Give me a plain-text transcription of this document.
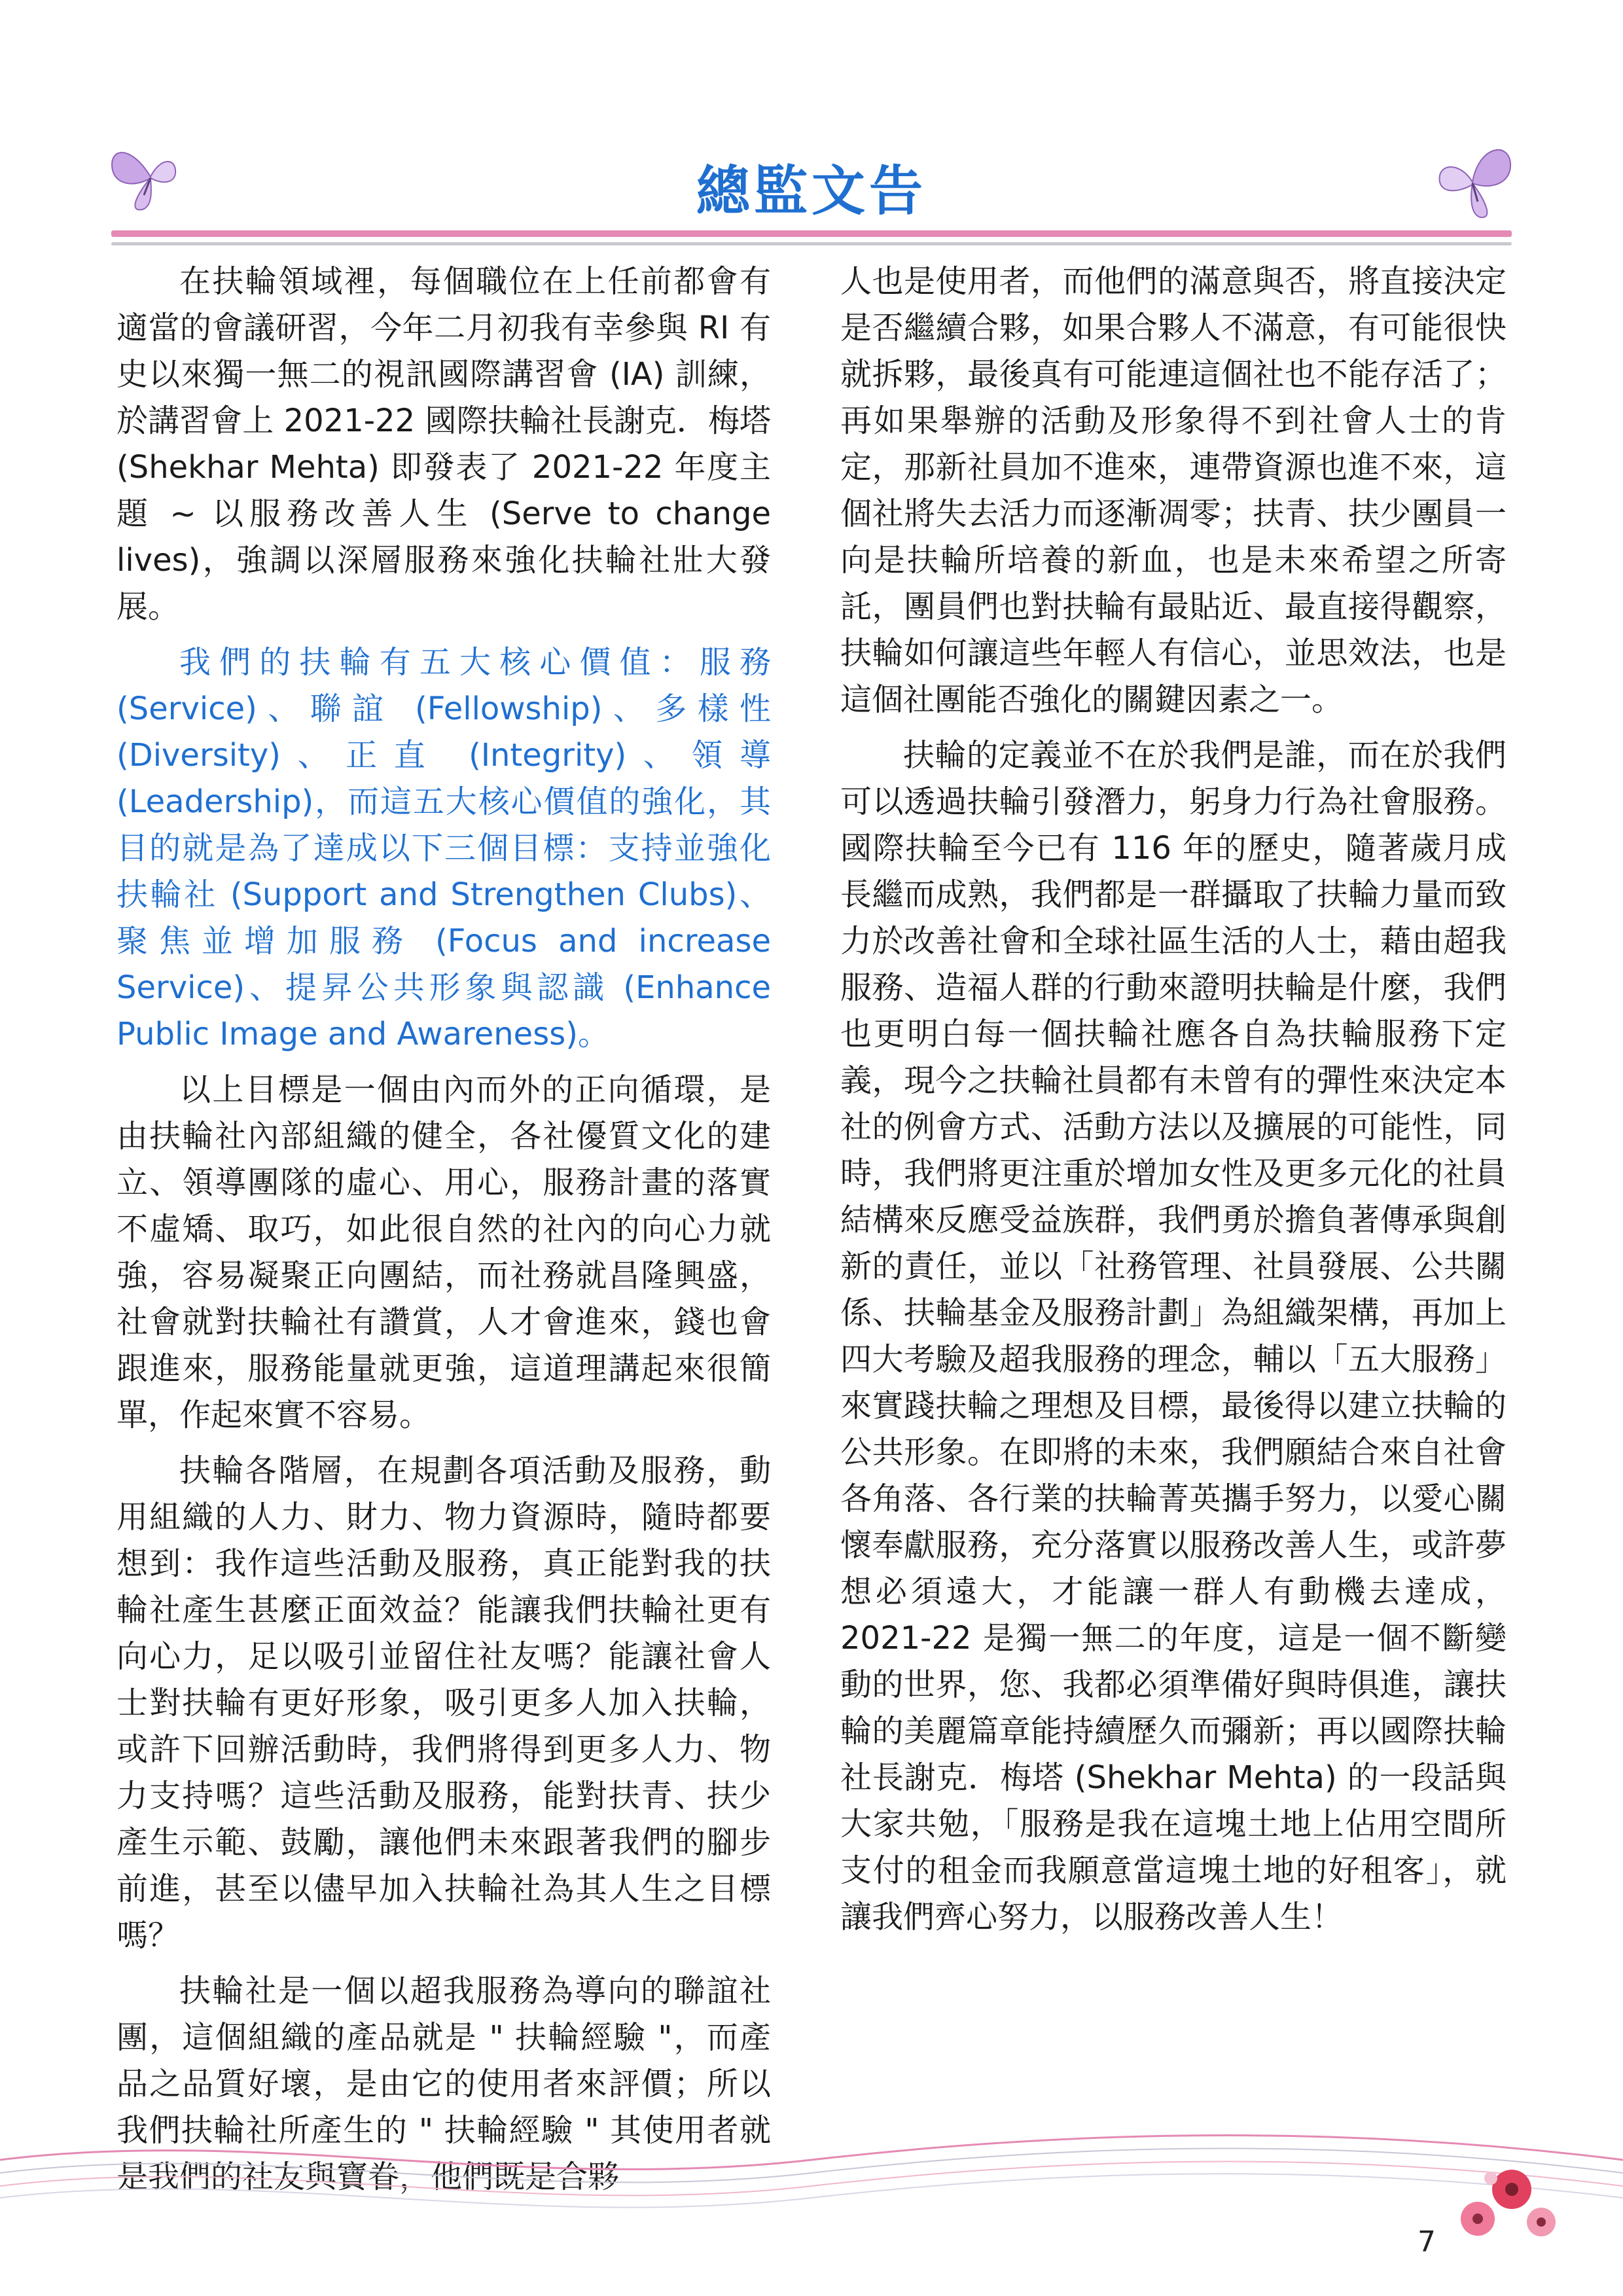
總監文告

在扶輪領域裡，每個職位在上任前都會有適當的會議研習，今年二月初我有幸參與 RI 有史以來獨一無二的視訊國際講習會 (IA) 訓練，於講習會上 2021-22 國際扶輪社長謝克．梅塔 (Shekhar Mehta) 即發表了 2021-22 年度主題 ~ 以服務改善人生 (Serve to change lives)，強調以深層服務來強化扶輪社壯大發展。

我們的扶輪有五大核心價值：服務 (Service)、聯誼 (Fellowship)、多樣性 (Diversity)、正直 (Integrity)、領導 (Leadership)，而這五大核心價值的強化，其目的就是為了達成以下三個目標：支持並強化扶輪社 (Support and Strengthen Clubs)、聚焦並增加服務 (Focus and increase Service)、提昇公共形象與認識 (Enhance Public Image and Awareness)。

以上目標是一個由內而外的正向循環，是由扶輪社內部組織的健全，各社優質文化的建立、領導團隊的虛心、用心，服務計畫的落實不虛矯、取巧，如此很自然的社內的向心力就強，容易凝聚正向團結，而社務就昌隆興盛，社會就對扶輪社有讚賞，人才會進來，錢也會跟進來，服務能量就更強，這道理講起來很簡單，作起來實不容易。

扶輪各階層，在規劃各項活動及服務，動用組織的人力、財力、物力資源時，隨時都要想到：我作這些活動及服務，真正能對我的扶輪社產生甚麼正面效益？能讓我們扶輪社更有向心力，足以吸引並留住社友嗎？能讓社會人士對扶輪有更好形象，吸引更多人加入扶輪，或許下回辦活動時，我們將得到更多人力、物力支持嗎？這些活動及服務，能對扶青、扶少產生示範、鼓勵，讓他們未來跟著我們的腳步前進，甚至以儘早加入扶輪社為其人生之目標嗎？

扶輪社是一個以超我服務為導向的聯誼社團，這個組織的產品就是 " 扶輪經驗 "，而產品之品質好壞，是由它的使用者來評價；所以我們扶輪社所產生的 " 扶輪經驗 " 其使用者就是我們的社友與寶眷，他們既是合夥

人也是使用者，而他們的滿意與否，將直接決定是否繼續合夥，如果合夥人不滿意，有可能很快就拆夥，最後真有可能連這個社也不能存活了；再如果舉辦的活動及形象得不到社會人士的肯定，那新社員加不進來，連帶資源也進不來，這個社將失去活力而逐漸凋零；扶青、扶少團員一向是扶輪所培養的新血，也是未來希望之所寄託，團員們也對扶輪有最貼近、最直接得觀察，扶輪如何讓這些年輕人有信心，並思效法，也是這個社團能否強化的關鍵因素之一。

扶輪的定義並不在於我們是誰，而在於我們可以透過扶輪引發潛力，躬身力行為社會服務。國際扶輪至今已有 116 年的歷史，隨著歲月成長繼而成熟，我們都是一群攝取了扶輪力量而致力於改善社會和全球社區生活的人士，藉由超我服務、造福人群的行動來證明扶輪是什麼，我們也更明白每一個扶輪社應各自為扶輪服務下定義，現今之扶輪社員都有未曾有的彈性來決定本社的例會方式、活動方法以及擴展的可能性，同時，我們將更注重於增加女性及更多元化的社員結構來反應受益族群，我們勇於擔負著傳承與創新的責任，並以「社務管理、社員發展、公共關係、扶輪基金及服務計劃」為組織架構，再加上四大考驗及超我服務的理念，輔以「五大服務」來實踐扶輪之理想及目標，最後得以建立扶輪的公共形象。在即將的未來，我們願結合來自社會各角落、各行業的扶輪菁英攜手努力，以愛心關懷奉獻服務，充分落實以服務改善人生，或許夢想必須遠大，才能讓一群人有動機去達成，2021-22 是獨一無二的年度，這是一個不斷變動的世界，您、我都必須準備好與時俱進，讓扶輪的美麗篇章能持續歷久而彌新；再以國際扶輪社長謝克．梅塔 (Shekhar Mehta) 的一段話與大家共勉，「服務是我在這塊土地上佔用空間所支付的租金而我願意當這塊土地的好租客」，就讓我們齊心努力，以服務改善人生！

7
